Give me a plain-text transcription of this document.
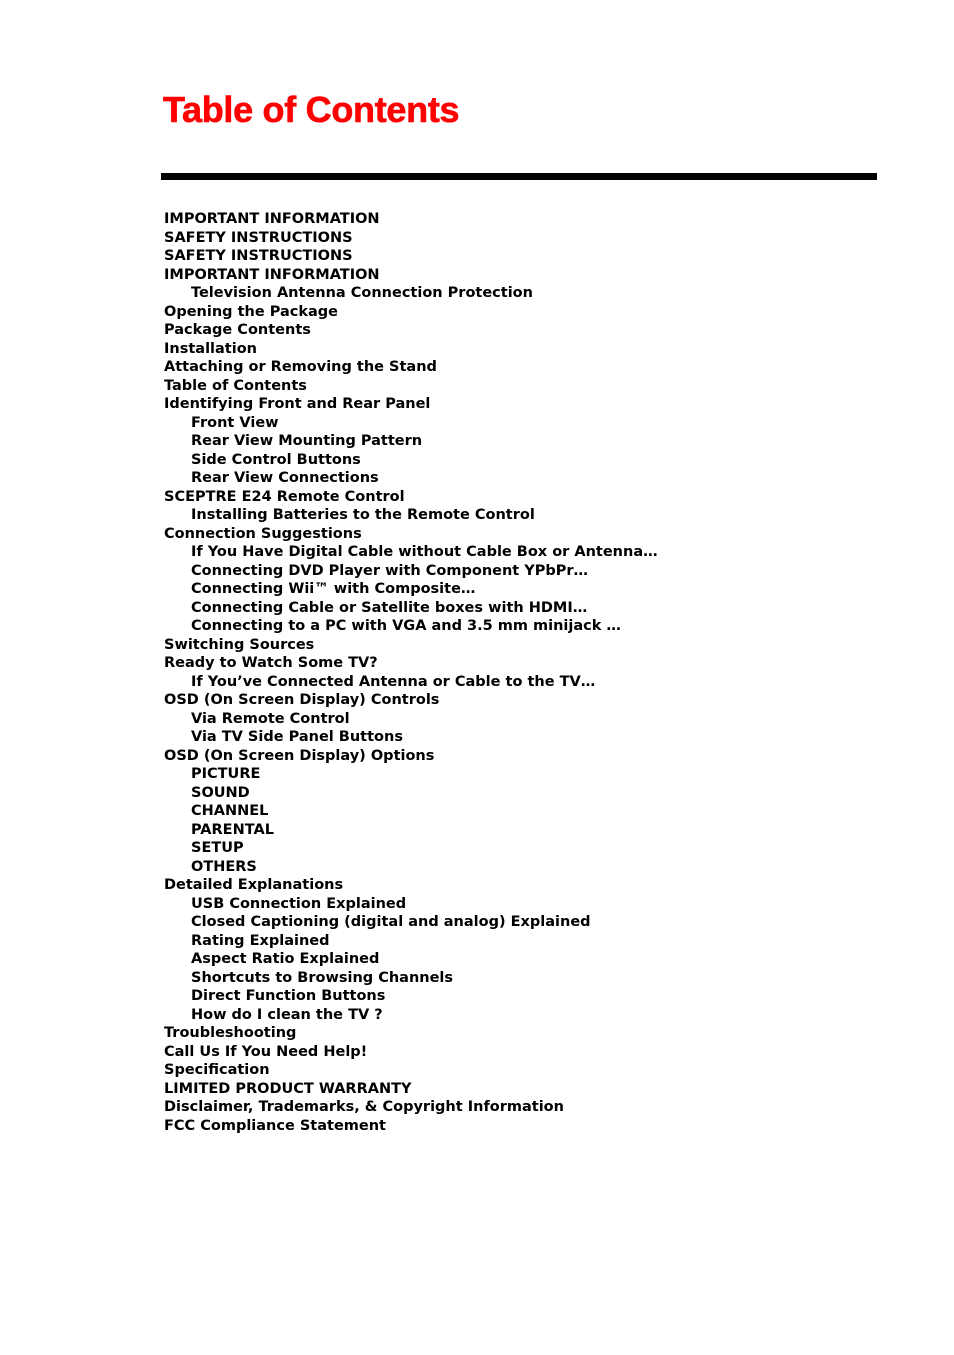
Table of Contents
IMPORTANT INFORMATION
SAFETY INSTRUCTIONS
SAFETY INSTRUCTIONS
IMPORTANT INFORMATION
Television Antenna Connection Protection
Opening the Package
Package Contents
Installation
Attaching or Removing the Stand
Table of Contents
Identifying Front and Rear Panel
Front View
Rear View Mounting Pattern
Side Control Buttons
Rear View Connections
SCEPTRE E24 Remote Control
Installing Batteries to the Remote Control
Connection Suggestions
If You Have Digital Cable without Cable Box or Antenna…
Connecting DVD Player with Component YPbPr…
Connecting Wii™ with Composite…
Connecting Cable or Satellite boxes with HDMI…
Connecting to a PC with VGA and 3.5 mm minijack …
Switching Sources
Ready to Watch Some TV?
If You’ve Connected Antenna or Cable to the TV…
OSD (On Screen Display) Controls
Via Remote Control
Via TV Side Panel Buttons
OSD (On Screen Display) Options
PICTURE
SOUND
CHANNEL
PARENTAL
SETUP
OTHERS
Detailed Explanations
USB Connection Explained
Closed Captioning (digital and analog) Explained
Rating Explained
Aspect Ratio Explained
Shortcuts to Browsing Channels
Direct Function Buttons
How do I clean the TV ?
Troubleshooting
Call Us If You Need Help!
Specification
LIMITED PRODUCT WARRANTY
Disclaimer, Trademarks, & Copyright Information
FCC Compliance Statement
